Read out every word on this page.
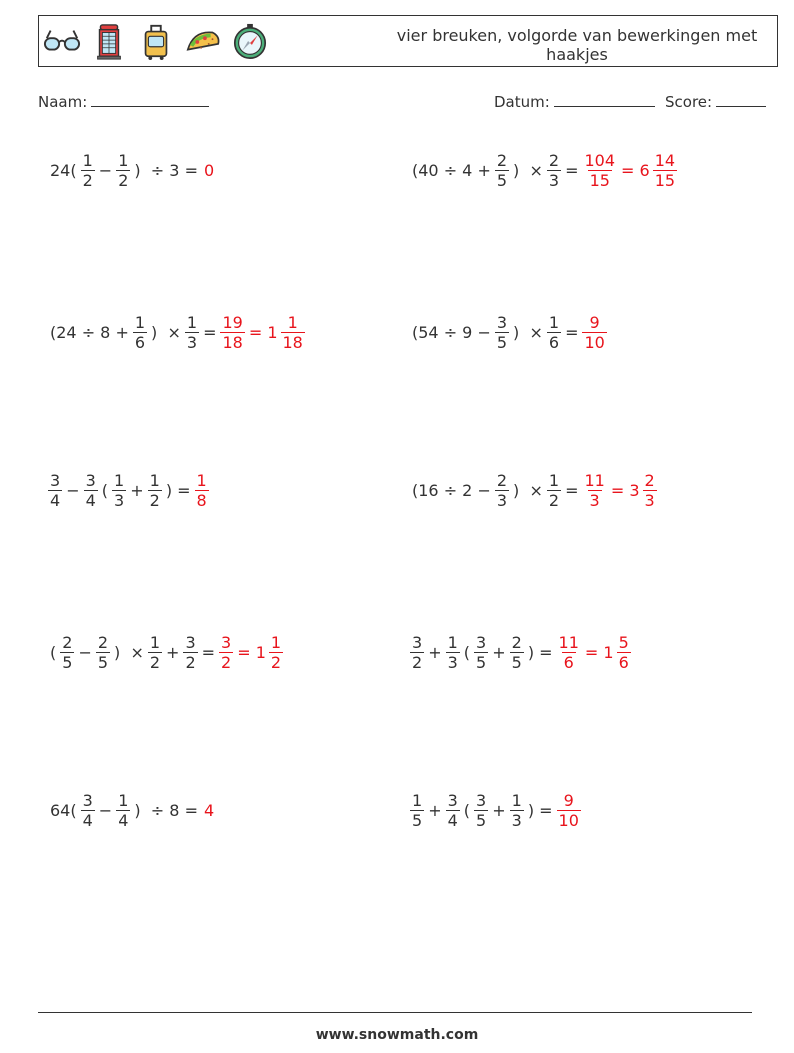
vier breuken, volgorde van bewerkingen met haakjes
Naam:	Datum:	Score:
$24( \frac{1}{2} - \frac{1}{2}$ )  ÷ 3 = 0	($40 \div 4 + \frac{2}{5}$ )  × $\frac{2}{3} = \frac{104}{15} = 6 \frac{14}{15}$
($24 \div 8 + \frac{1}{6}$ )  × $\frac{1}{3} = \frac{19}{18} = 1 \frac{1}{18}$	($54 \div 9 - \frac{3}{5}$ )  × $\frac{1}{6} = \frac{9}{10}$
$\frac{3}{4} - \frac{3}{4}$ ( $\frac{1}{3} + \frac{1}{2}$ ) = $\frac{1}{8}$	($16 \div 2 - \frac{2}{3}$ )  × $\frac{1}{2} = \frac{11}{3} = 3 \frac{2}{3}$
( $\frac{2}{5} - \frac{2}{5}$ )  × $\frac{1}{2} + \frac{3}{2} = \frac{3}{2} = 1 \frac{1}{2}$	$\frac{3}{2} + \frac{1}{3}$ ( $\frac{3}{5} + \frac{2}{5}$ ) = $\frac{11}{6} = 1 \frac{5}{6}$
$64( \frac{3}{4} - \frac{1}{4}$ )  ÷ 8 = 4	$\frac{1}{5} + \frac{3}{4}$ ( $\frac{3}{5} + \frac{1}{3}$ ) = $\frac{9}{10}$
www.snowmath.com
